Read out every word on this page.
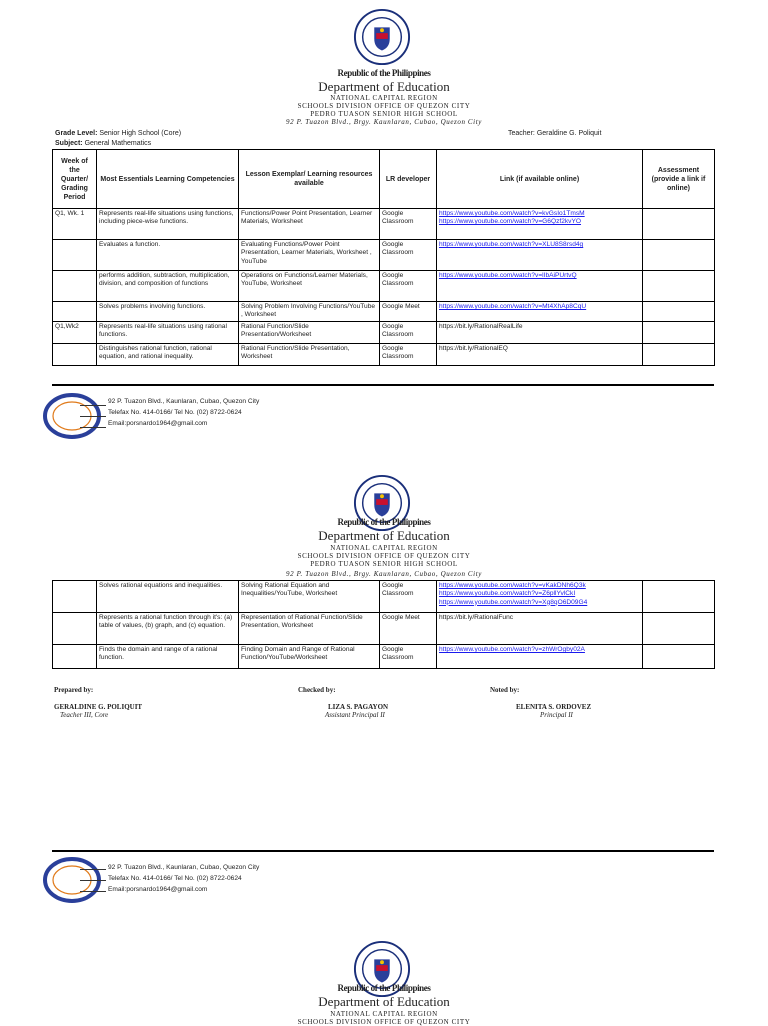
Republic of the Philippines
Department of Education
NATIONAL CAPITAL REGION
SCHOOLS DIVISION OFFICE OF QUEZON CITY
PEDRO TUASON SENIOR HIGH SCHOOL
92 P. Tuazon Blvd., Brgy. Kaunlaran, Cubao, Quezon City
Grade Level: Senior High School (Core)
Subject: General Mathematics
Teacher: Geraldine G. Poliquit
Week of the Quarter/ Grading Period	Most Essentials Learning Competencies	Lesson Exemplar/ Learning resources available	LR developer	Link (if available online)	Assessment (provide a link if online)
Q1, Wk. 1	Represents real-life situations using functions, including piece-wise functions.	Functions/Power Point Presentation, Learner Materials, Worksheet	Google Classroom	https://www.youtube.com/watch?v=kvGsIo1TmsM
https://www.youtube.com/watch?v=G6Qzf2kvYO	

	Evaluates a function.	Evaluating Functions/Power Point Presentation, Learner Materials, Worksheet , YouTube	Google Classroom	https://www.youtube.com/watch?v=XLU8S8rsd4g	

	performs addition, subtraction, multiplication, division, and composition of functions	Operations on Functions/Learner Materials, YouTube, Worksheet	Google Classroom	https://www.youtube.com/watch?v=lIbAiPUrtvQ	

	Solves problems involving functions.	Solving Problem Involving Functions/YouTube , Worksheet	Google Meet	https://www.youtube.com/watch?v=Mt4XhAp8CqU	

Q1,Wk2	Represents real-life situations using rational functions.	Rational Function/Slide Presentation/Worksheet	Google Classroom	https://bit.ly/RationalRealLife	

	Distinguishes rational function, rational equation, and rational inequality.	Rational Function/Slide Presentation, Worksheet	Google Classroom	https://bit.ly/RationalEQ	

92 P. Tuazon Blvd., Kaunlaran, Cubao, Quezon City
Telefax No. 414-0166/ Tel No. (02) 8722-0624
Email:porsnardo1964@gmail.com
Republic of the Philippines
Department of Education
NATIONAL CAPITAL REGION
SCHOOLS DIVISION OFFICE OF QUEZON CITY
PEDRO TUASON SENIOR HIGH SCHOOL
92 P. Tuazon Blvd., Brgy. Kaunlaran, Cubao, Quezon City
	Solves rational equations and inequalities.	Solving Rational Equation and Inequalities/YouTube, Worksheet	Google Classroom	https://www.youtube.com/watch?v=vKakDNh6Q3k
https://www.youtube.com/watch?v=Z6pllYvlCkI
https://www.youtube.com/watch?v=Xg8qO6D09G4	

	Represents a rational function through it's: (a) table of values, (b) graph, and (c) equation.	Representation of Rational Function/Slide Presentation, Worksheet	Google Meet	https://bit.ly/RationalFunc	

	Finds the domain and range of a rational function.	Finding Domain and Range of Rational Function/YouTube/Worksheet	Google Classroom	https://www.youtube.com/watch?v=zhWrOgby02A	

Prepared by:
GERALDINE G. POLIQUIT
Teacher III, Core
Checked by:
LIZA S. PAGAYON
Assistant Principal II
Noted by:
ELENITA S. ORDOVEZ
Principal II
92 P. Tuazon Blvd., Kaunlaran, Cubao, Quezon City
Telefax No. 414-0166/ Tel No. (02) 8722-0624
Email:porsnardo1964@gmail.com
Republic of the Philippines
Department of Education
NATIONAL CAPITAL REGION
SCHOOLS DIVISION OFFICE OF QUEZON CITY
